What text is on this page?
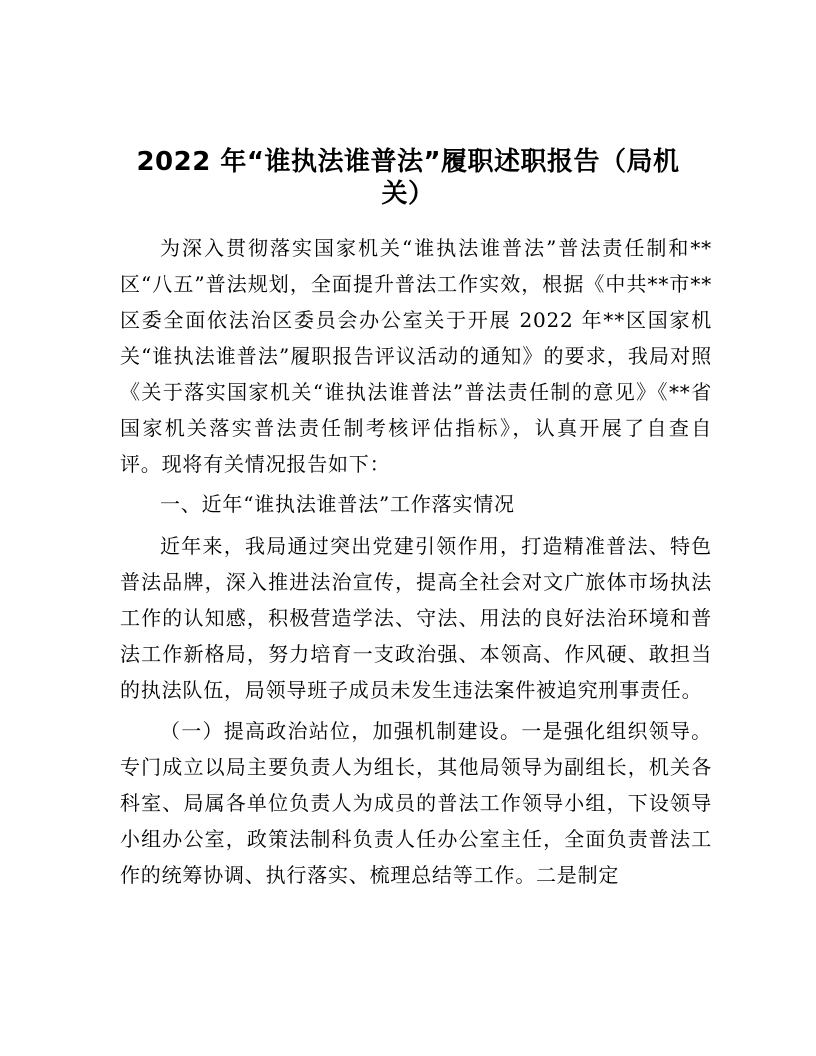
2022 年“谁执法谁普法”履职述职报告（局机关）

为深入贯彻落实国家机关“谁执法谁普法”普法责任制和**区“八五”普法规划，全面提升普法工作实效，根据《中共**市**区委全面依法治区委员会办公室关于开展 2022 年**区国家机关“谁执法谁普法”履职报告评议活动的通知》的要求，我局对照《关于落实国家机关“谁执法谁普法”普法责任制的意见》《**省国家机关落实普法责任制考核评估指标》，认真开展了自查自评。现将有关情况报告如下：

一、近年“谁执法谁普法”工作落实情况

近年来，我局通过突出党建引领作用，打造精准普法、特色普法品牌，深入推进法治宣传，提高全社会对文广旅体市场执法工作的认知感，积极营造学法、守法、用法的良好法治环境和普法工作新格局，努力培育一支政治强、本领高、作风硬、敢担当的执法队伍，局领导班子成员未发生违法案件被追究刑事责任。

（一）提高政治站位，加强机制建设。一是强化组织领导。专门成立以局主要负责人为组长，其他局领导为副组长，机关各科室、局属各单位负责人为成员的普法工作领导小组，下设领导小组办公室，政策法制科负责人任办公室主任，全面负责普法工作的统筹协调、执行落实、梳理总结等工作。二是制定
